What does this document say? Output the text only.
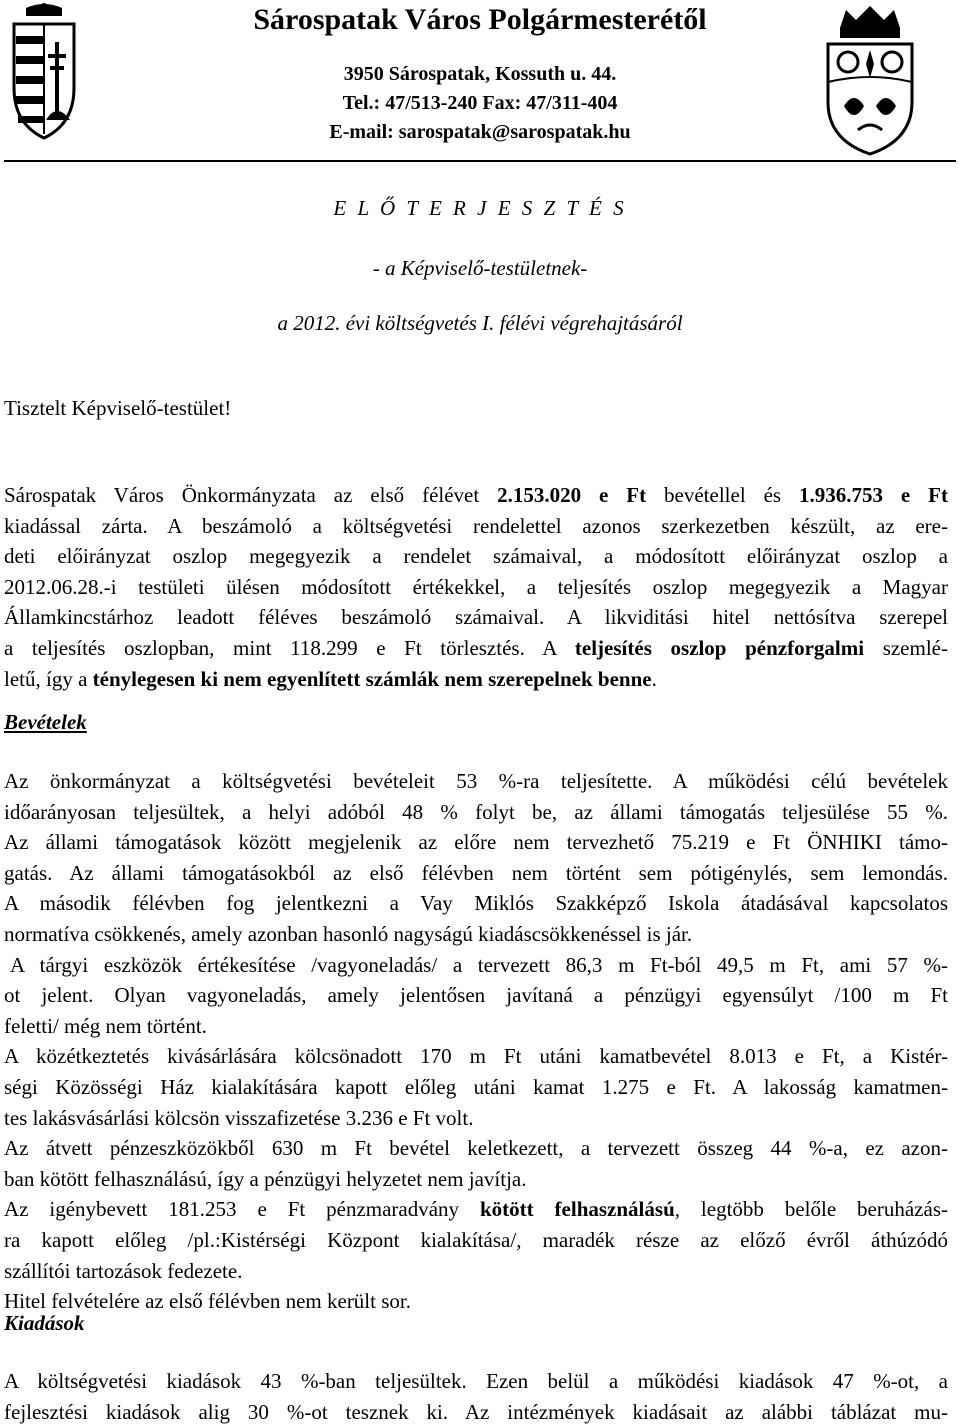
Sárospatak Város Polgármesterétől
3950 Sárospatak, Kossuth u. 44.
Tel.: 47/513-240 Fax: 47/311-404
E-mail: sarospatak@sarospatak.hu
E L Ő T E R J E S Z T É S
- a Képviselő-testületnek-
a 2012. évi költségvetés I. félévi végrehajtásáról
Tisztelt Képviselő-testület!
Sárospatak Város Önkormányzata az első félévet 2.153.020 e Ft bevétellel és 1.936.753 e Ft
kiadással zárta. A beszámoló a költségvetési rendelettel azonos szerkezetben készült, az ere-
deti előirányzat oszlop megegyezik a rendelet számaival, a módosított előirányzat oszlop a
2012.06.28.-i testületi ülésen módosított értékekkel, a teljesítés oszlop megegyezik a Magyar
Államkincstárhoz leadott féléves beszámoló számaival. A likviditási hitel nettósítva szerepel
a teljesítés oszlopban, mint 118.299 e Ft törlesztés. A teljesítés oszlop pénzforgalmi szemlé-
letű, így a ténylegesen ki nem egyenlített számlák nem szerepelnek benne.
Bevételek
Az önkormányzat a költségvetési bevételeit 53 %-ra teljesítette. A működési célú bevételek
időarányosan teljesültek, a helyi adóból 48 % folyt be, az állami támogatás teljesülése 55 %.
Az állami támogatások között megjelenik az előre nem tervezhető 75.219 e Ft ÖNHIKI támo-
gatás. Az állami támogatásokból az első félévben nem történt sem pótigénylés, sem lemondás.
A második félévben fog jelentkezni a Vay Miklós Szakképző Iskola átadásával kapcsolatos
normatíva csökkenés, amely azonban hasonló nagyságú kiadáscsökkenéssel is jár.
A tárgyi eszközök értékesítése /vagyoneladás/ a tervezett 86,3 m Ft-ból 49,5 m Ft, ami 57 %-
ot jelent. Olyan vagyoneladás, amely jelentősen javítaná a pénzügyi egyensúlyt /100 m Ft
feletti/ még nem történt.
A közétkeztetés kivásárlására kölcsönadott 170 m Ft utáni kamatbevétel 8.013 e Ft, a Kistér-
ségi Közösségi Ház kialakítására kapott előleg utáni kamat 1.275 e Ft. A lakosság kamatmen-
tes lakásvásárlási kölcsön visszafizetése 3.236 e Ft volt.
Az átvett pénzeszközökből 630 m Ft bevétel keletkezett, a tervezett összeg 44 %-a, ez azon-
ban kötött felhasználású, így a pénzügyi helyzetet nem javítja.
Az igénybevett 181.253 e Ft pénzmaradvány kötött felhasználású, legtöbb belőle beruházás-
ra kapott előleg /pl.:Kistérségi Központ kialakítása/, maradék része az előző évről áthúzódó
szállítói tartozások fedezete.
Hitel felvételére az első félévben nem került sor.
Kiadások
A költségvetési kiadások 43 %-ban teljesültek. Ezen belül a működési kiadások 47 %-ot, a
fejlesztési kiadások alig 30 %-ot tesznek ki. Az intézmények kiadásait az alábbi táblázat mu-
